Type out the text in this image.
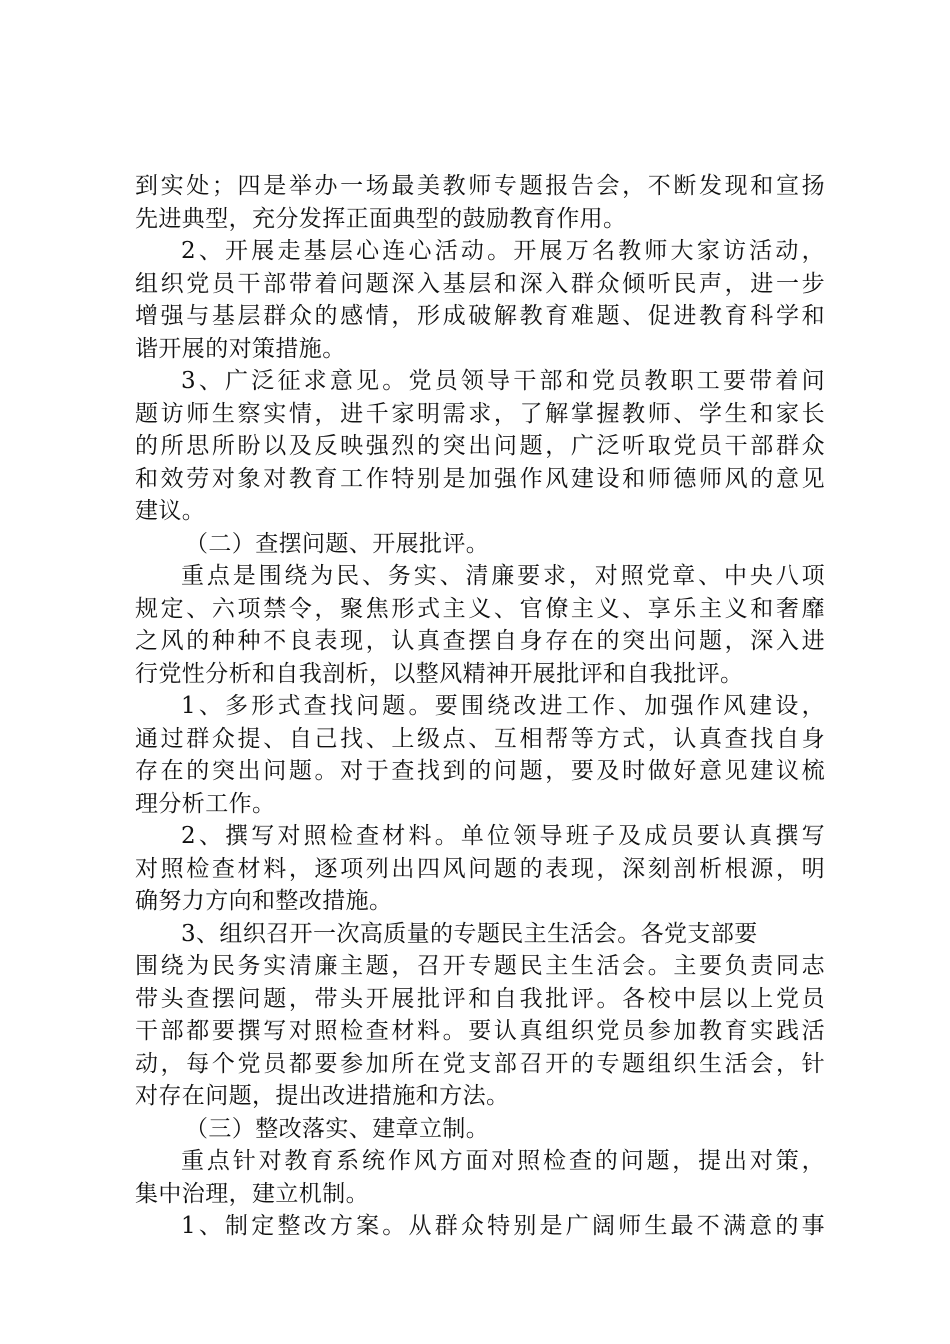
到实处；四是举办一场最美教师专题报告会，不断发现和宣扬
先进典型，充分发挥正面典型的鼓励教育作用。
2、开展走基层心连心活动。开展万名教师大家访活动，
组织党员干部带着问题深入基层和深入群众倾听民声，进一步
增强与基层群众的感情，形成破解教育难题、促进教育科学和
谐开展的对策措施。
3、广泛征求意见。党员领导干部和党员教职工要带着问
题访师生察实情，进千家明需求，了解掌握教师、学生和家长
的所思所盼以及反映强烈的突出问题，广泛听取党员干部群众
和效劳对象对教育工作特别是加强作风建设和师德师风的意见
建议。
（二）查摆问题、开展批评。
重点是围绕为民、务实、清廉要求，对照党章、中央八项
规定、六项禁令，聚焦形式主义、官僚主义、享乐主义和奢靡
之风的种种不良表现，认真查摆自身存在的突出问题，深入进
行党性分析和自我剖析，以整风精神开展批评和自我批评。
1、多形式查找问题。要围绕改进工作、加强作风建设，
通过群众提、自己找、上级点、互相帮等方式，认真查找自身
存在的突出问题。对于查找到的问题，要及时做好意见建议梳
理分析工作。
2、撰写对照检查材料。单位领导班子及成员要认真撰写
对照检查材料，逐项列出四风问题的表现，深刻剖析根源，明
确努力方向和整改措施。
3、组织召开一次高质量的专题民主生活会。各党支部要
围绕为民务实清廉主题，召开专题民主生活会。主要负责同志
带头查摆问题，带头开展批评和自我批评。各校中层以上党员
干部都要撰写对照检查材料。要认真组织党员参加教育实践活
动，每个党员都要参加所在党支部召开的专题组织生活会，针
对存在问题，提出改进措施和方法。
（三）整改落实、建章立制。
重点针对教育系统作风方面对照检查的问题，提出对策，
集中治理，建立机制。
1、制定整改方案。从群众特别是广阔师生最不满意的事
